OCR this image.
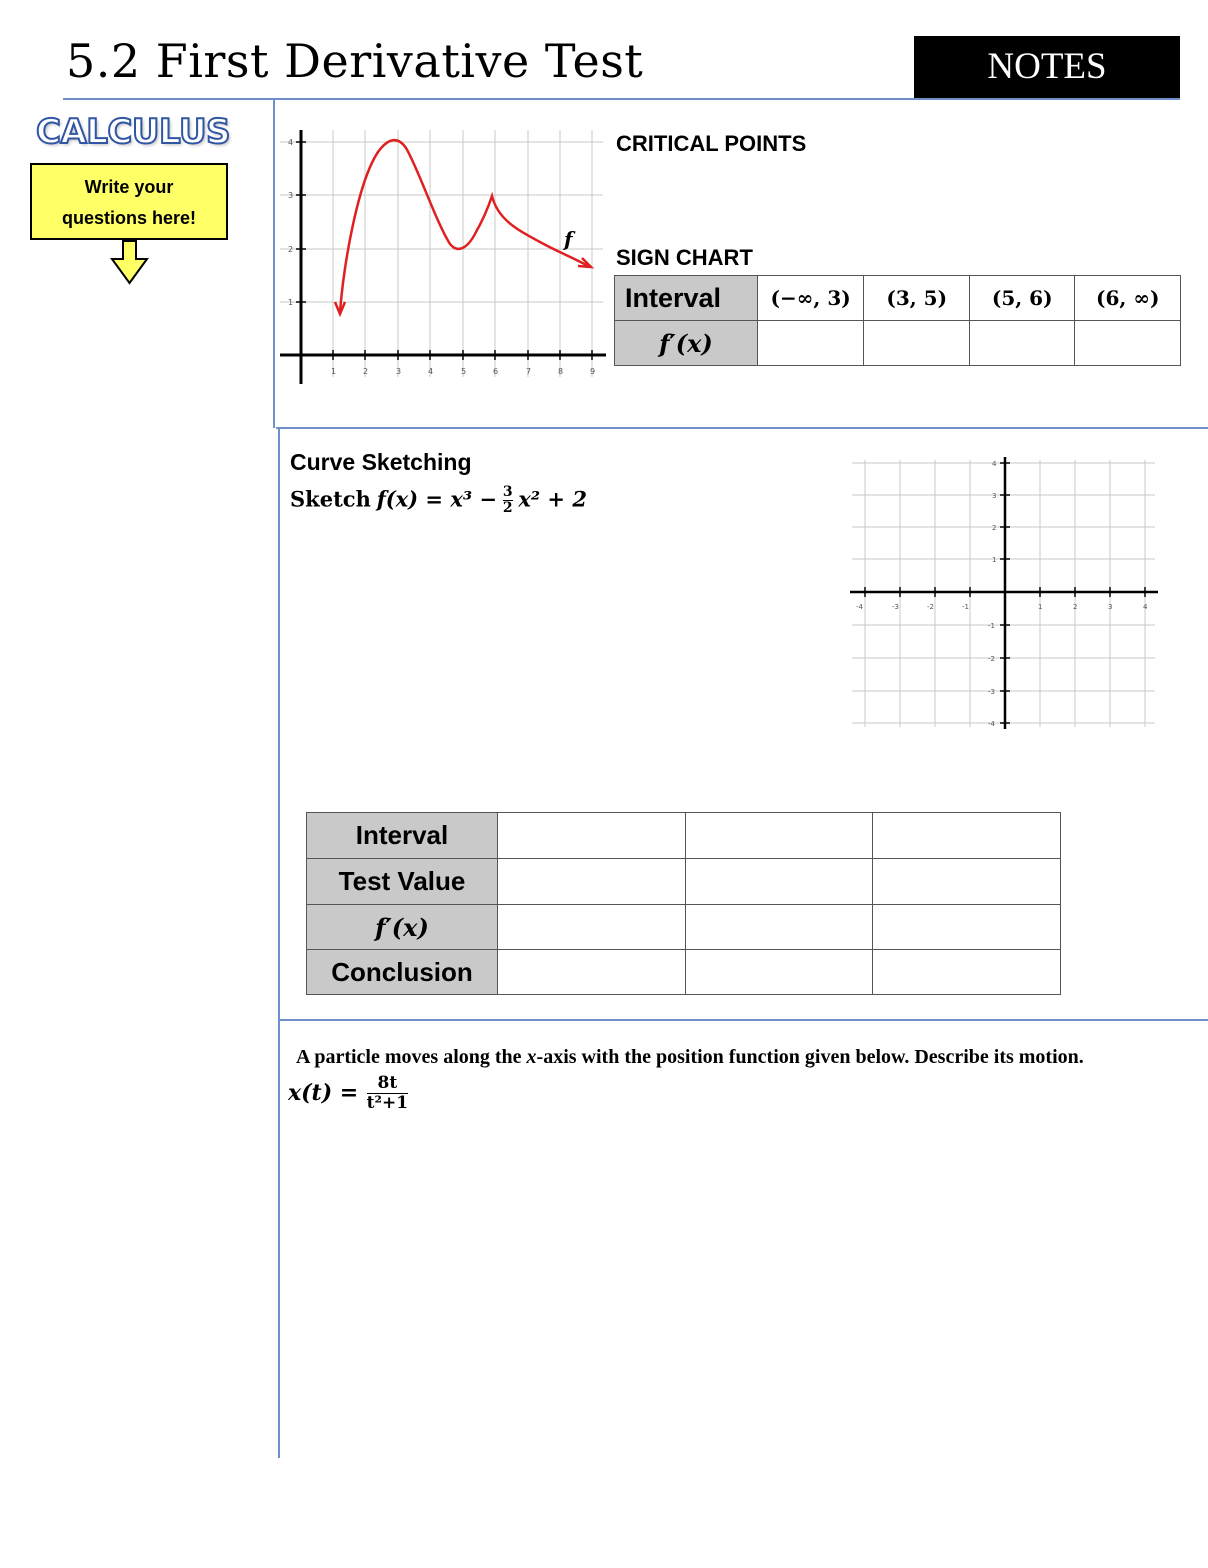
5.2 First Derivative Test	NOTES
CALCULUS
Write your
questions here!
1	2	3	4	5	6	7	8	9
1
2
3
4
f
CRITICAL POINTS
SIGN CHART
Interval	(−∞, 3)	(3, 5)	(5, 6)	(6, ∞)
f′(x)				
Curve Sketching
Sketch $f(x) = x^3 - \frac{3}{2} x^2 + 2$
-4	-3	-2	-1	1	2	3	4
4
3
2
1
-1
-2
-3
-4
Interval			
Test Value			
f′(x)			
Conclusion			
A particle moves along the x-axis with the position function given below. Describe its motion.
$x(t) = \frac{8t}{\text{t²+1}}$
